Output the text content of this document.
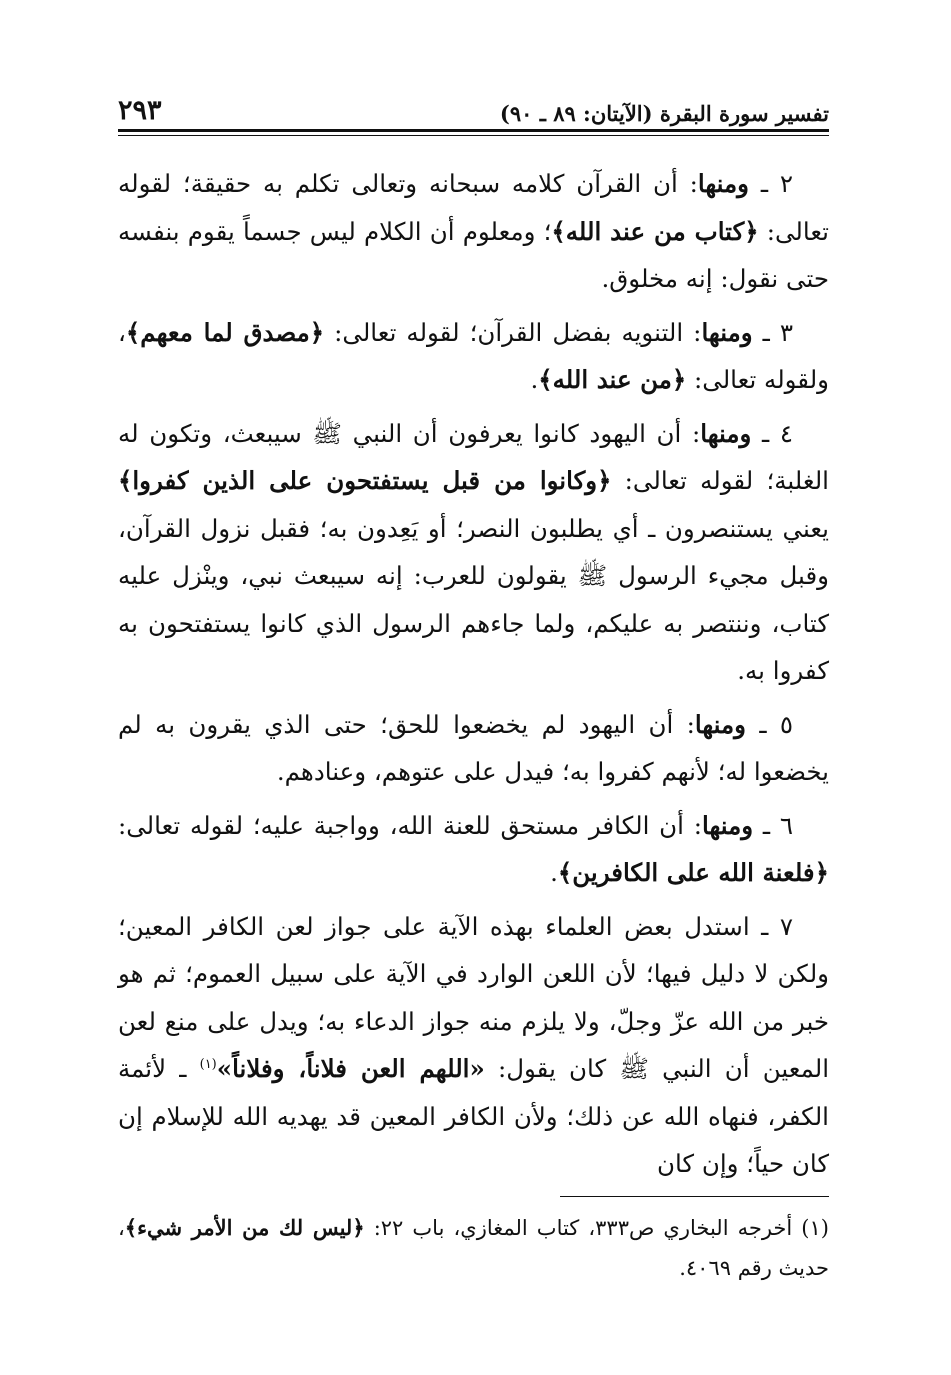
تفسير سورة البقرة (الآيتان: ٨٩ ـ ٩٠)
٢٩٣

٢ ـ ومنها: أن القرآن كلامه سبحانه وتعالى تكلم به حقيقة؛ لقوله تعالى: ﴿كتاب من عند الله﴾؛ ومعلوم أن الكلام ليس جسماً يقوم بنفسه حتى نقول: إنه مخلوق.

٣ ـ ومنها: التنويه بفضل القرآن؛ لقوله تعالى: ﴿مصدق لما معهم﴾، ولقوله تعالى: ﴿من عند الله﴾.

٤ ـ ومنها: أن اليهود كانوا يعرفون أن النبي ﷺ سيبعث، وتكون له الغلبة؛ لقوله تعالى: ﴿وكانوا من قبل يستفتحون على الذين كفروا﴾ يعني يستنصرون ـ أي يطلبون النصر؛ أو يَعِدون به؛ فقبل نزول القرآن، وقبل مجيء الرسول ﷺ يقولون للعرب: إنه سيبعث نبي، وينْزل عليه كتاب، وننتصر به عليكم، ولما جاءهم الرسول الذي كانوا يستفتحون به كفروا به.

٥ ـ ومنها: أن اليهود لم يخضعوا للحق؛ حتى الذي يقرون به لم يخضعوا له؛ لأنهم كفروا به؛ فيدل على عتوهم، وعنادهم.

٦ ـ ومنها: أن الكافر مستحق للعنة الله، وواجبة عليه؛ لقوله تعالى: ﴿فلعنة الله على الكافرين﴾.

٧ ـ استدل بعض العلماء بهذه الآية على جواز لعن الكافر المعين؛ ولكن لا دليل فيها؛ لأن اللعن الوارد في الآية على سبيل العموم؛ ثم هو خبر من الله عزّ وجلّ، ولا يلزم منه جواز الدعاء به؛ ويدل على منع لعن المعين أن النبي ﷺ كان يقول: «اللهم العن فلاناً، وفلاناً»$^{(١)}$ ـ لأئمة الكفر، فنهاه الله عن ذلك؛ ولأن الكافر المعين قد يهديه الله للإسلام إن كان حياً؛ وإن كان

(١) أخرجه البخاري ص٣٣٣، كتاب المغازي، باب ٢٢: ﴿ليس لك من الأمر شيء﴾، حديث رقم ٤٠٦٩.
